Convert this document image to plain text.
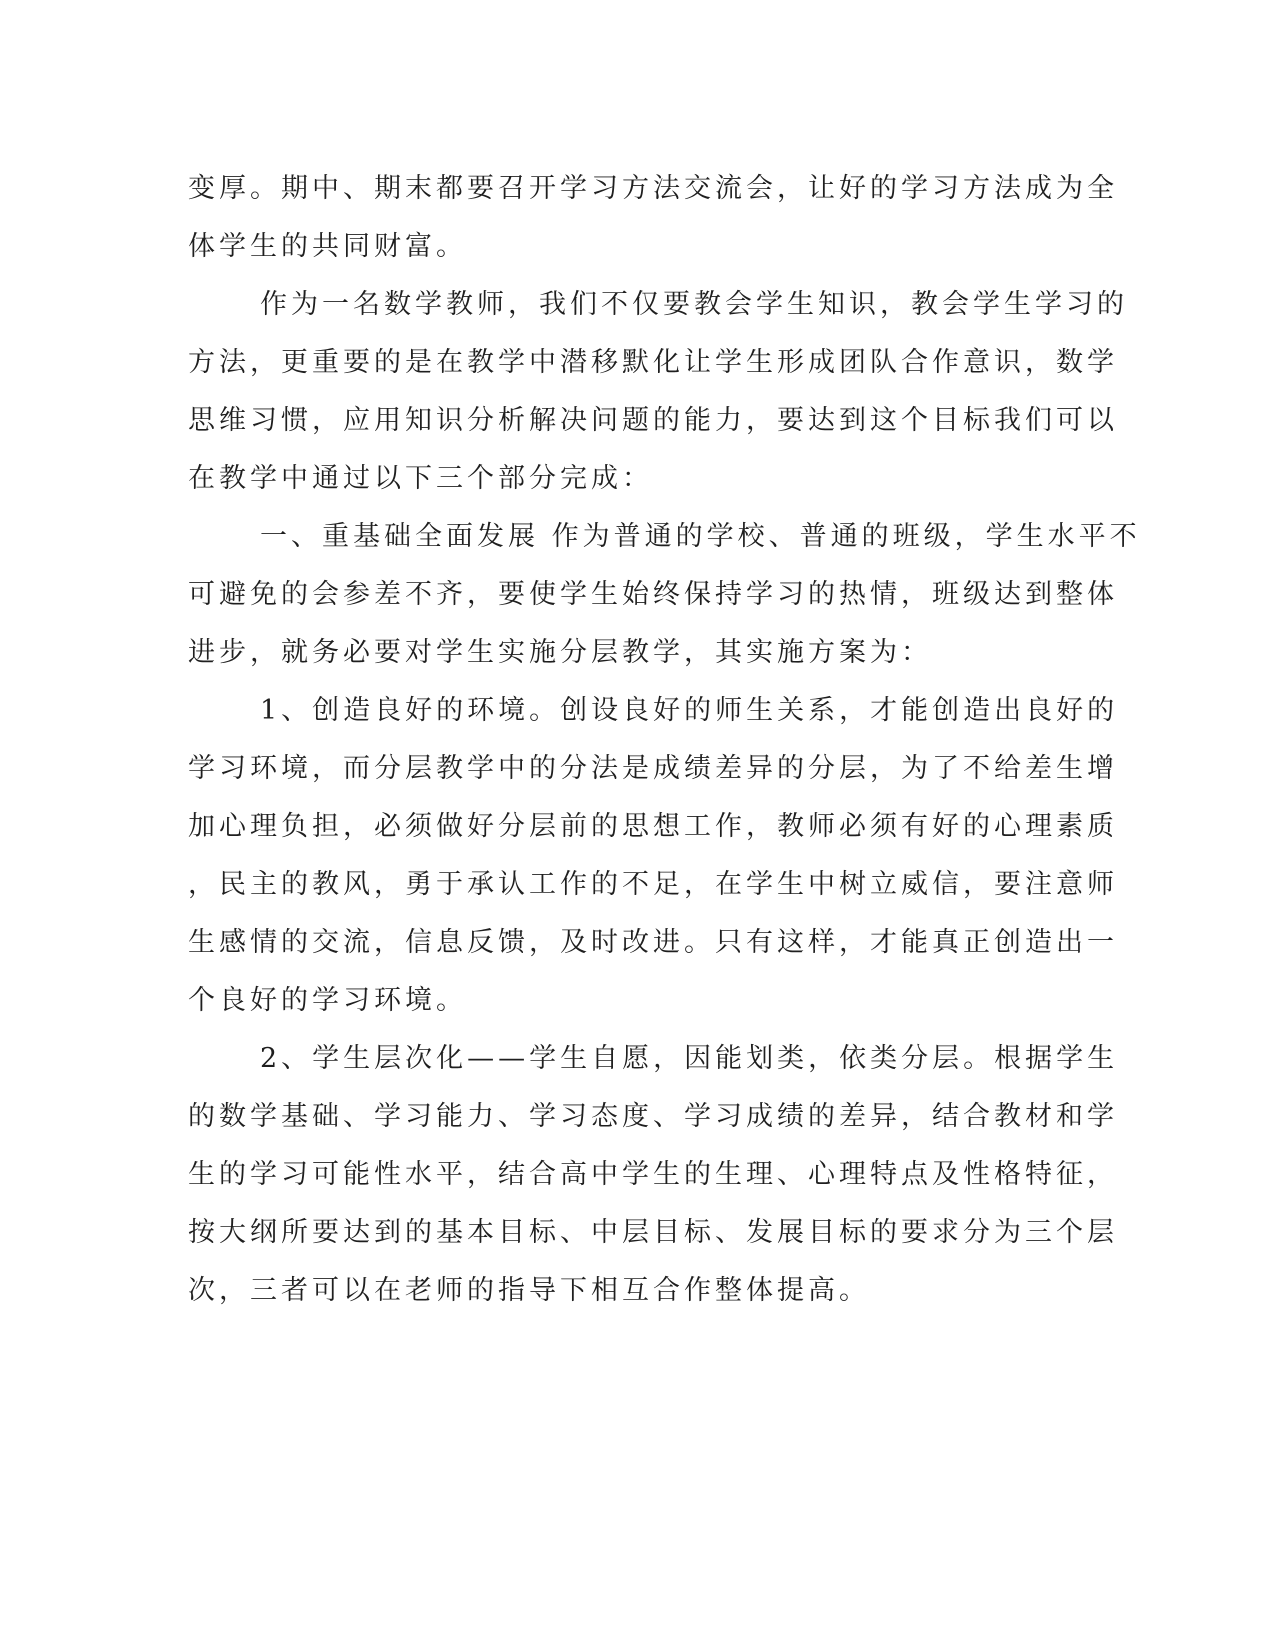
变厚。期中、期末都要召开学习方法交流会，让好的学习方法成为全
体学生的共同财富。
作为一名数学教师，我们不仅要教会学生知识，教会学生学习的
方法，更重要的是在教学中潜移默化让学生形成团队合作意识，数学
思维习惯，应用知识分析解决问题的能力，要达到这个目标我们可以
在教学中通过以下三个部分完成：
一、重基础全面发展 作为普通的学校、普通的班级，学生水平不
可避免的会参差不齐，要使学生始终保持学习的热情，班级达到整体
进步，就务必要对学生实施分层教学，其实施方案为：
1、创造良好的环境。创设良好的师生关系，才能创造出良好的
学习环境，而分层教学中的分法是成绩差异的分层，为了不给差生增
加心理负担，必须做好分层前的思想工作，教师必须有好的心理素质
，民主的教风，勇于承认工作的不足，在学生中树立威信，要注意师
生感情的交流，信息反馈，及时改进。只有这样，才能真正创造出一
个良好的学习环境。
2、学生层次化——学生自愿，因能划类，依类分层。根据学生
的数学基础、学习能力、学习态度、学习成绩的差异，结合教材和学
生的学习可能性水平，结合高中学生的生理、心理特点及性格特征，
按大纲所要达到的基本目标、中层目标、发展目标的要求分为三个层
次，三者可以在老师的指导下相互合作整体提高。
